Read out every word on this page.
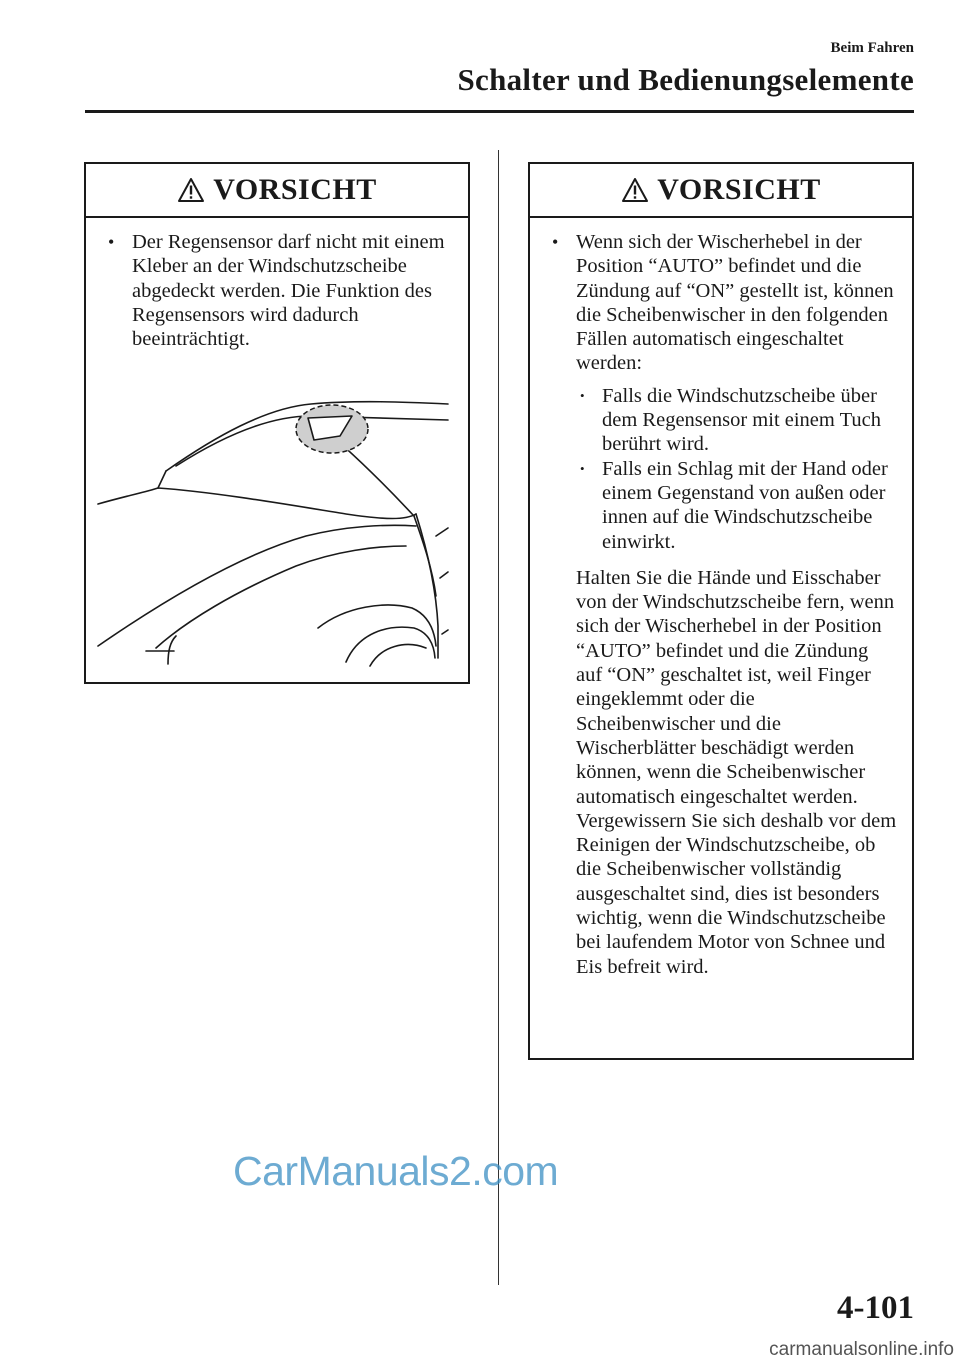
Beim Fahren
Schalter und Bedienungselemente
VORSICHT
• Der Regensensor darf nicht mit einem Kleber an der Windschutzscheibe abgedeckt werden. Die Funktion des Regensensors wird dadurch beeinträchtigt.
VORSICHT
• Wenn sich der Wischerhebel in der Position “AUTO” befindet und die Zündung auf “ON” gestellt ist, können die Scheibenwischer in den folgenden Fällen automatisch eingeschaltet werden:
• Falls die Windschutzscheibe über dem Regensensor mit einem Tuch berührt wird.
• Falls ein Schlag mit der Hand oder einem Gegenstand von außen oder innen auf die Windschutzscheibe einwirkt.
Halten Sie die Hände und Eisschaber von der Windschutzscheibe fern, wenn sich der Wischerhebel in der Position “AUTO” befindet und die Zündung auf “ON” geschaltet ist, weil Finger eingeklemmt oder die Scheibenwischer und die Wischerblätter beschädigt werden können, wenn die Scheibenwischer automatisch eingeschaltet werden. Vergewissern Sie sich deshalb vor dem Reinigen der Windschutzscheibe, ob die Scheibenwischer vollständig ausgeschaltet sind, dies ist besonders wichtig, wenn die Windschutzscheibe bei laufendem Motor von Schnee und Eis befreit wird.
CarManuals2.com
4-101
carmanualsonline.info
